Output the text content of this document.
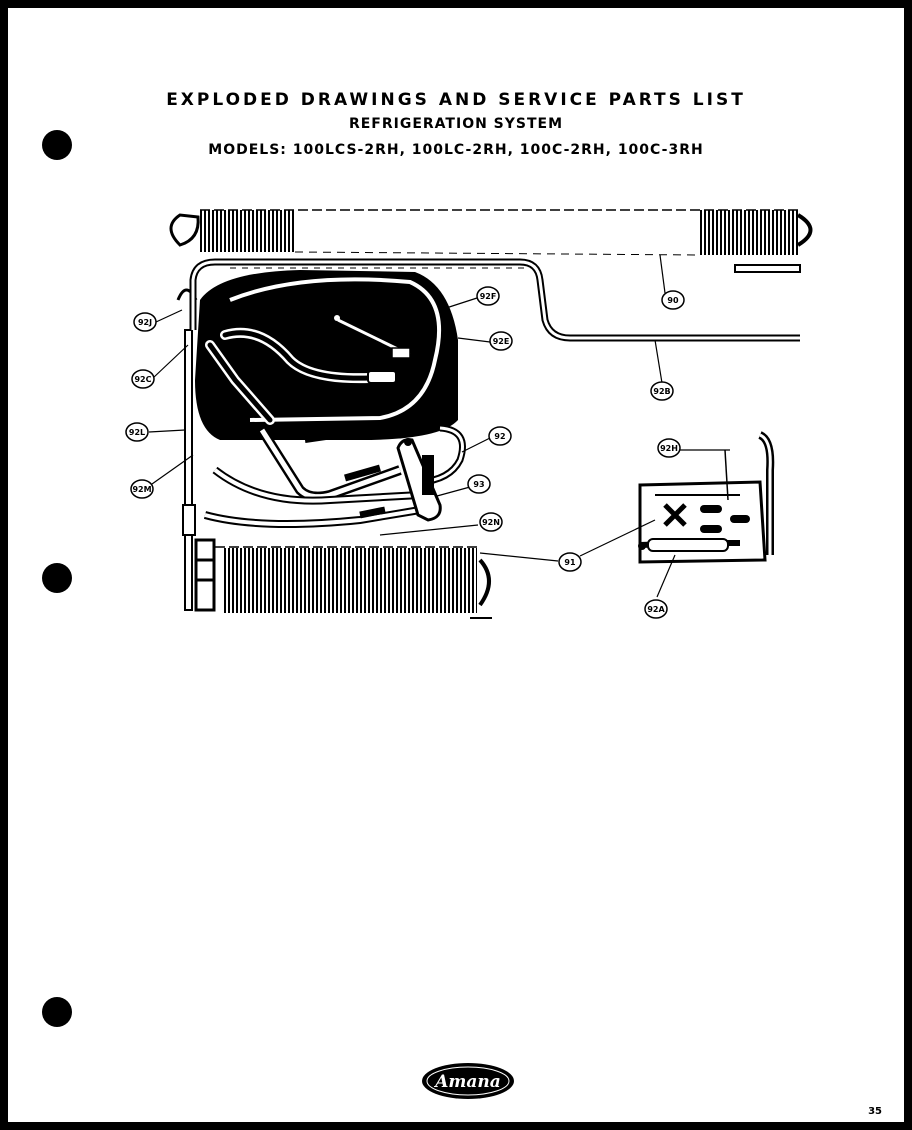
EXPLODED DRAWINGS AND SERVICE PARTS LIST
REFRIGERATION SYSTEM
MODELS: 100LCS-2RH, 100LC-2RH, 100C-2RH, 100C-3RH
92J
92C
92L
92M
92F
92E
92
93
92B
90
92N
92H
91
92A
Amana
35
